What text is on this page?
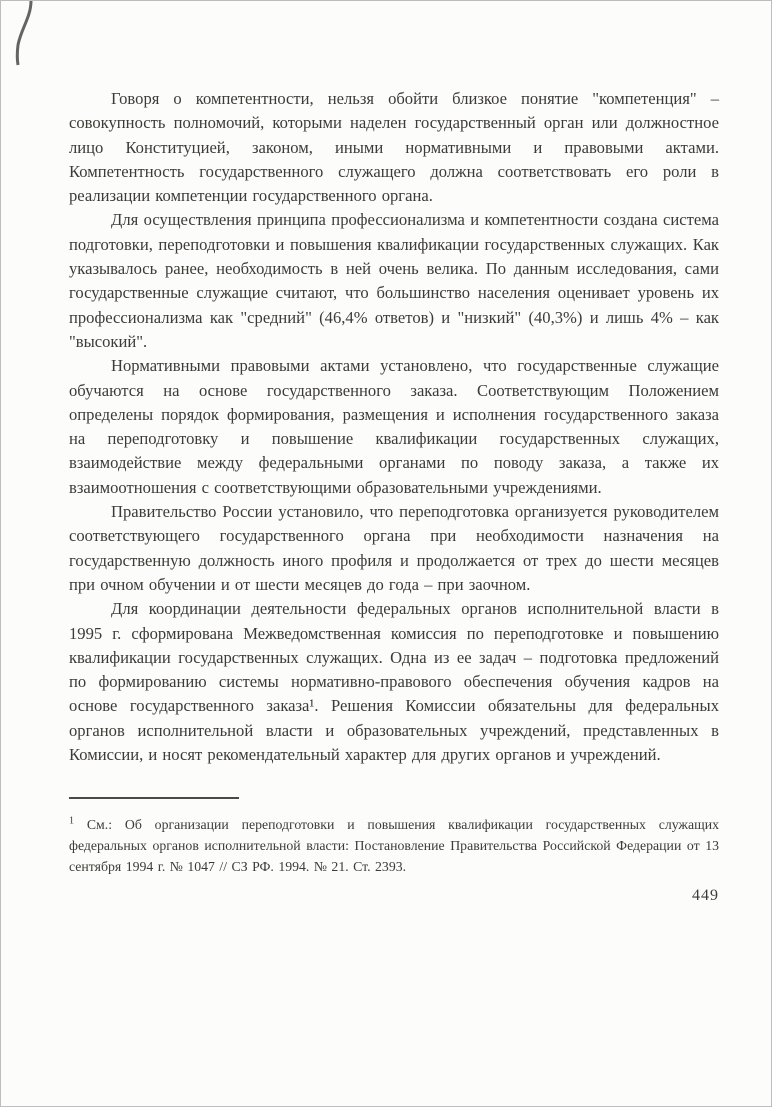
Говоря о компетентности, нельзя обойти близкое понятие "компетенция" – совокупность полномочий, которыми наделен государственный орган или должностное лицо Конституцией, законом, иными нормативными и правовыми актами. Компетентность государственного служащего должна соответствовать его роли в реализации компетенции государственного органа.

Для осуществления принципа профессионализма и компетентности создана система подготовки, переподготовки и повышения квалификации государственных служащих. Как указывалось ранее, необходимость в ней очень велика. По данным исследования, сами государственные служащие считают, что большинство населения оценивает уровень их профессионализма как "средний" (46,4% ответов) и "низкий" (40,3%) и лишь 4% – как "высокий".

Нормативными правовыми актами установлено, что государственные служащие обучаются на основе государственного заказа. Соответствующим Положением определены порядок формирования, размещения и исполнения государственного заказа на переподготовку и повышение квалификации государственных служащих, взаимодействие между федеральными органами по поводу заказа, а также их взаимоотношения с соответствующими образовательными учреждениями.

Правительство России установило, что переподготовка организуется руководителем соответствующего государственного органа при необходимости назначения на государственную должность иного профиля и продолжается от трех до шести месяцев при очном обучении и от шести месяцев до года – при заочном.

Для координации деятельности федеральных органов исполнительной власти в 1995 г. сформирована Межведомственная комиссия по переподготовке и повышению квалификации государственных служащих. Одна из ее задач – подготовка предложений по формированию системы нормативно-правового обеспечения обучения кадров на основе государственного заказа¹. Решения Комиссии обязательны для федеральных органов исполнительной власти и образовательных учреждений, представленных в Комиссии, и носят рекомендательный характер для других органов и учреждений.

$^1$ См.: Об организации переподготовки и повышения квалификации государственных служащих федеральных органов исполнительной власти: Постановление Правительства Российской Федерации от 13 сентября 1994 г. № 1047 // СЗ РФ. 1994. № 21. Ст. 2393.

449
